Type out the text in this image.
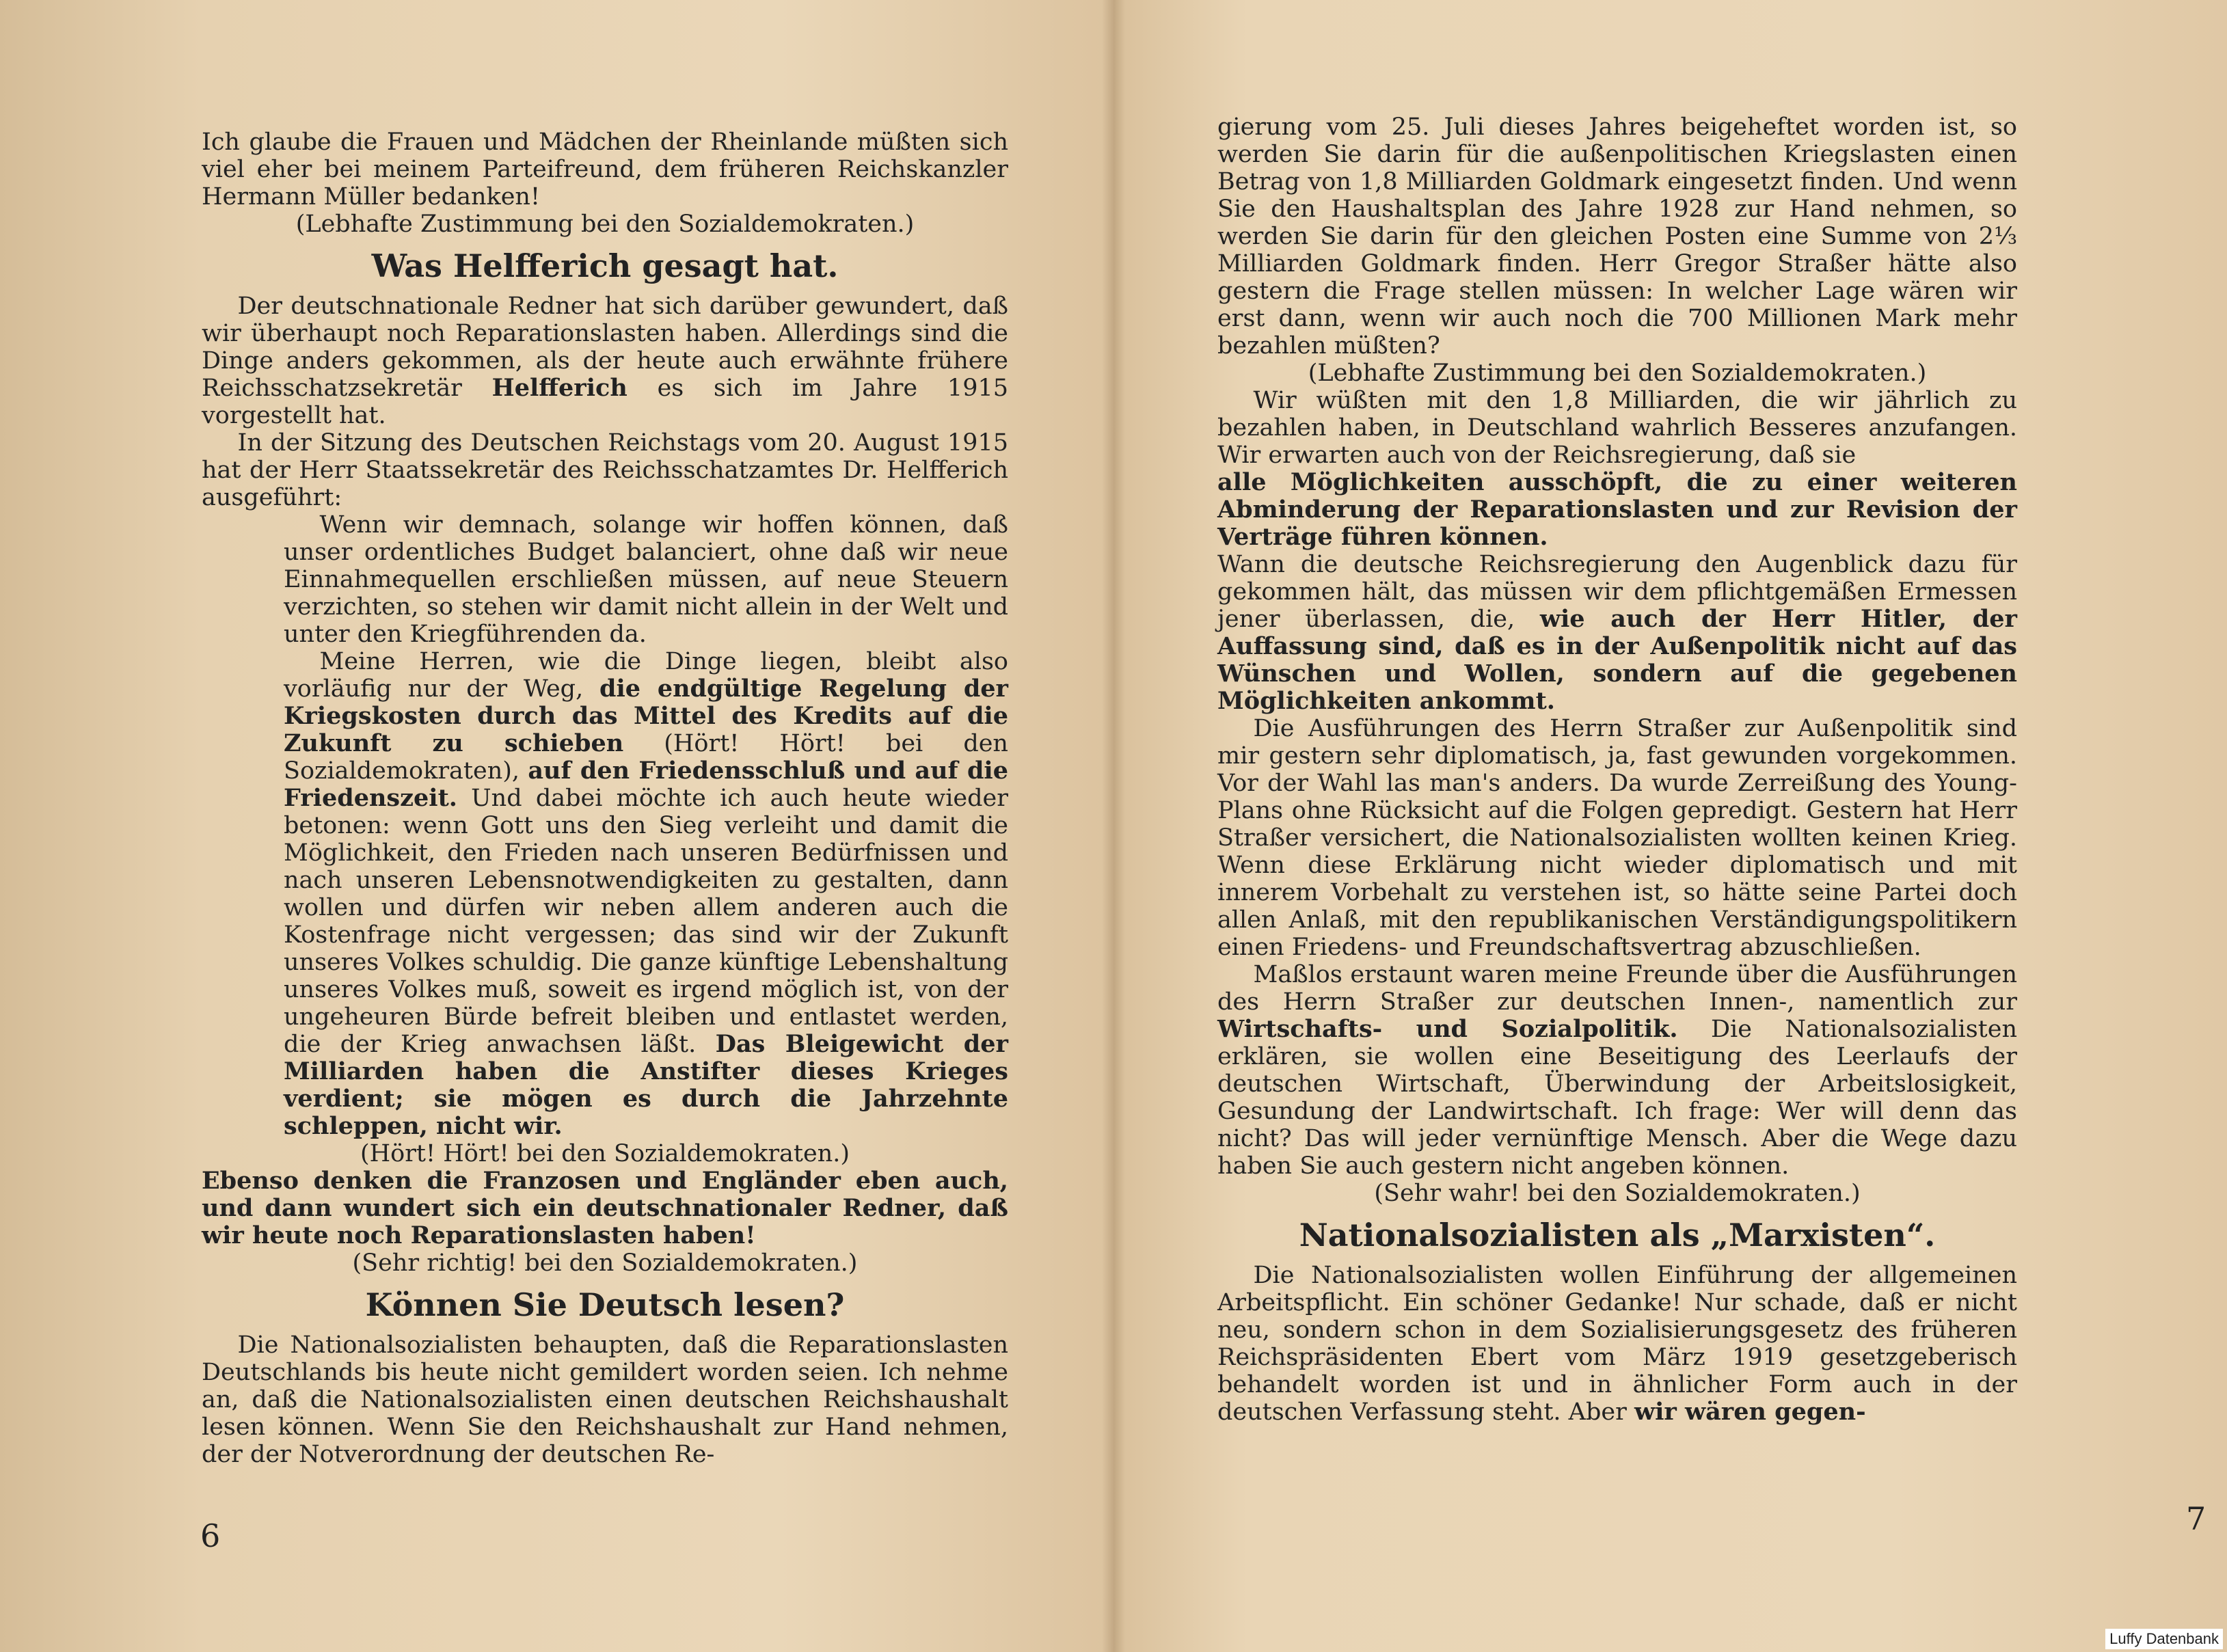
Ich glaube die Frauen und Mädchen der Rheinlande müßten sich viel eher bei meinem Parteifreund, dem früheren Reichskanzler Hermann Müller bedanken!

(Lebhafte Zustimmung bei den Sozialdemokraten.)

Was Helfferich gesagt hat.

Der deutschnationale Redner hat sich darüber gewundert, daß wir überhaupt noch Reparationslasten haben. Allerdings sind die Dinge anders gekommen, als der heute auch erwähnte frühere Reichsschatzsekretär Helfferich es sich im Jahre 1915 vorgestellt hat.

In der Sitzung des Deutschen Reichstags vom 20. August 1915 hat der Herr Staatssekretär des Reichsschatzamtes Dr. Helfferich ausgeführt:

Wenn wir demnach, solange wir hoffen können, daß unser ordentliches Budget balanciert, ohne daß wir neue Einnahmequellen erschließen müssen, auf neue Steuern verzichten, so stehen wir damit nicht allein in der Welt und unter den Kriegführenden da.

Meine Herren, wie die Dinge liegen, bleibt also vorläufig nur der Weg, die endgültige Regelung der Kriegskosten durch das Mittel des Kredits auf die Zukunft zu schieben (Hört! Hört! bei den Sozialdemokraten), auf den Friedensschluß und auf die Friedenszeit. Und dabei möchte ich auch heute wieder betonen: wenn Gott uns den Sieg verleiht und damit die Möglichkeit, den Frieden nach unseren Bedürfnissen und nach unseren Lebensnotwendigkeiten zu gestalten, dann wollen und dürfen wir neben allem anderen auch die Kostenfrage nicht vergessen; das sind wir der Zukunft unseres Volkes schuldig. Die ganze künftige Lebenshaltung unseres Volkes muß, soweit es irgend möglich ist, von der ungeheuren Bürde befreit bleiben und entlastet werden, die der Krieg anwachsen läßt. Das Bleigewicht der Milliarden haben die Anstifter dieses Krieges verdient; sie mögen es durch die Jahrzehnte schleppen, nicht wir.

(Hört! Hört! bei den Sozialdemokraten.)

Ebenso denken die Franzosen und Engländer eben auch, und dann wundert sich ein deutschnationaler Redner, daß wir heute noch Reparationslasten haben!

(Sehr richtig! bei den Sozialdemokraten.)

Können Sie Deutsch lesen?

Die Nationalsozialisten behaupten, daß die Reparationslasten Deutschlands bis heute nicht gemildert worden seien. Ich nehme an, daß die Nationalsozialisten einen deutschen Reichshaushalt lesen können. Wenn Sie den Reichshaushalt zur Hand nehmen, der der Notverordnung der deutschen Re-

6

gierung vom 25. Juli dieses Jahres beigeheftet worden ist, so werden Sie darin für die außenpolitischen Kriegslasten einen Betrag von 1,8 Milliarden Goldmark eingesetzt finden. Und wenn Sie den Haushaltsplan des Jahre 1928 zur Hand nehmen, so werden Sie darin für den gleichen Posten eine Summe von 2⅓ Milliarden Goldmark finden. Herr Gregor Straßer hätte also gestern die Frage stellen müssen: In welcher Lage wären wir erst dann, wenn wir auch noch die 700 Millionen Mark mehr bezahlen müßten?

(Lebhafte Zustimmung bei den Sozialdemokraten.)

Wir wüßten mit den 1,8 Milliarden, die wir jährlich zu bezahlen haben, in Deutschland wahrlich Besseres anzufangen. Wir erwarten auch von der Reichsregierung, daß sie

alle Möglichkeiten ausschöpft, die zu einer weiteren Abminderung der Reparationslasten und zur Revision der Verträge führen können.

Wann die deutsche Reichsregierung den Augenblick dazu für gekommen hält, das müssen wir dem pflichtgemäßen Ermessen jener überlassen, die, wie auch der Herr Hitler, der Auffassung sind, daß es in der Außenpolitik nicht auf das Wünschen und Wollen, sondern auf die gegebenen Möglichkeiten ankommt.

Die Ausführungen des Herrn Straßer zur Außenpolitik sind mir gestern sehr diplomatisch, ja, fast gewunden vorgekommen. Vor der Wahl las man's anders. Da wurde Zerreißung des Young-Plans ohne Rücksicht auf die Folgen gepredigt. Gestern hat Herr Straßer versichert, die Nationalsozialisten wollten keinen Krieg. Wenn diese Erklärung nicht wieder diplomatisch und mit innerem Vorbehalt zu verstehen ist, so hätte seine Partei doch allen Anlaß, mit den republikanischen Verständigungspolitikern einen Friedens- und Freundschaftsvertrag abzuschließen.

Maßlos erstaunt waren meine Freunde über die Ausführungen des Herrn Straßer zur deutschen Innen-, namentlich zur Wirtschafts- und Sozialpolitik. Die Nationalsozialisten erklären, sie wollen eine Beseitigung des Leerlaufs der deutschen Wirtschaft, Überwindung der Arbeitslosigkeit, Gesundung der Landwirtschaft. Ich frage: Wer will denn das nicht? Das will jeder vernünftige Mensch. Aber die Wege dazu haben Sie auch gestern nicht angeben können.

(Sehr wahr! bei den Sozialdemokraten.)

Nationalsozialisten als „Marxisten“.

Die Nationalsozialisten wollen Einführung der allgemeinen Arbeitspflicht. Ein schöner Gedanke! Nur schade, daß er nicht neu, sondern schon in dem Sozialisierungsgesetz des früheren Reichspräsidenten Ebert vom März 1919 gesetzgeberisch behandelt worden ist und in ähnlicher Form auch in der deutschen Verfassung steht. Aber wir wären gegen-

7
Luffy Datenbank
